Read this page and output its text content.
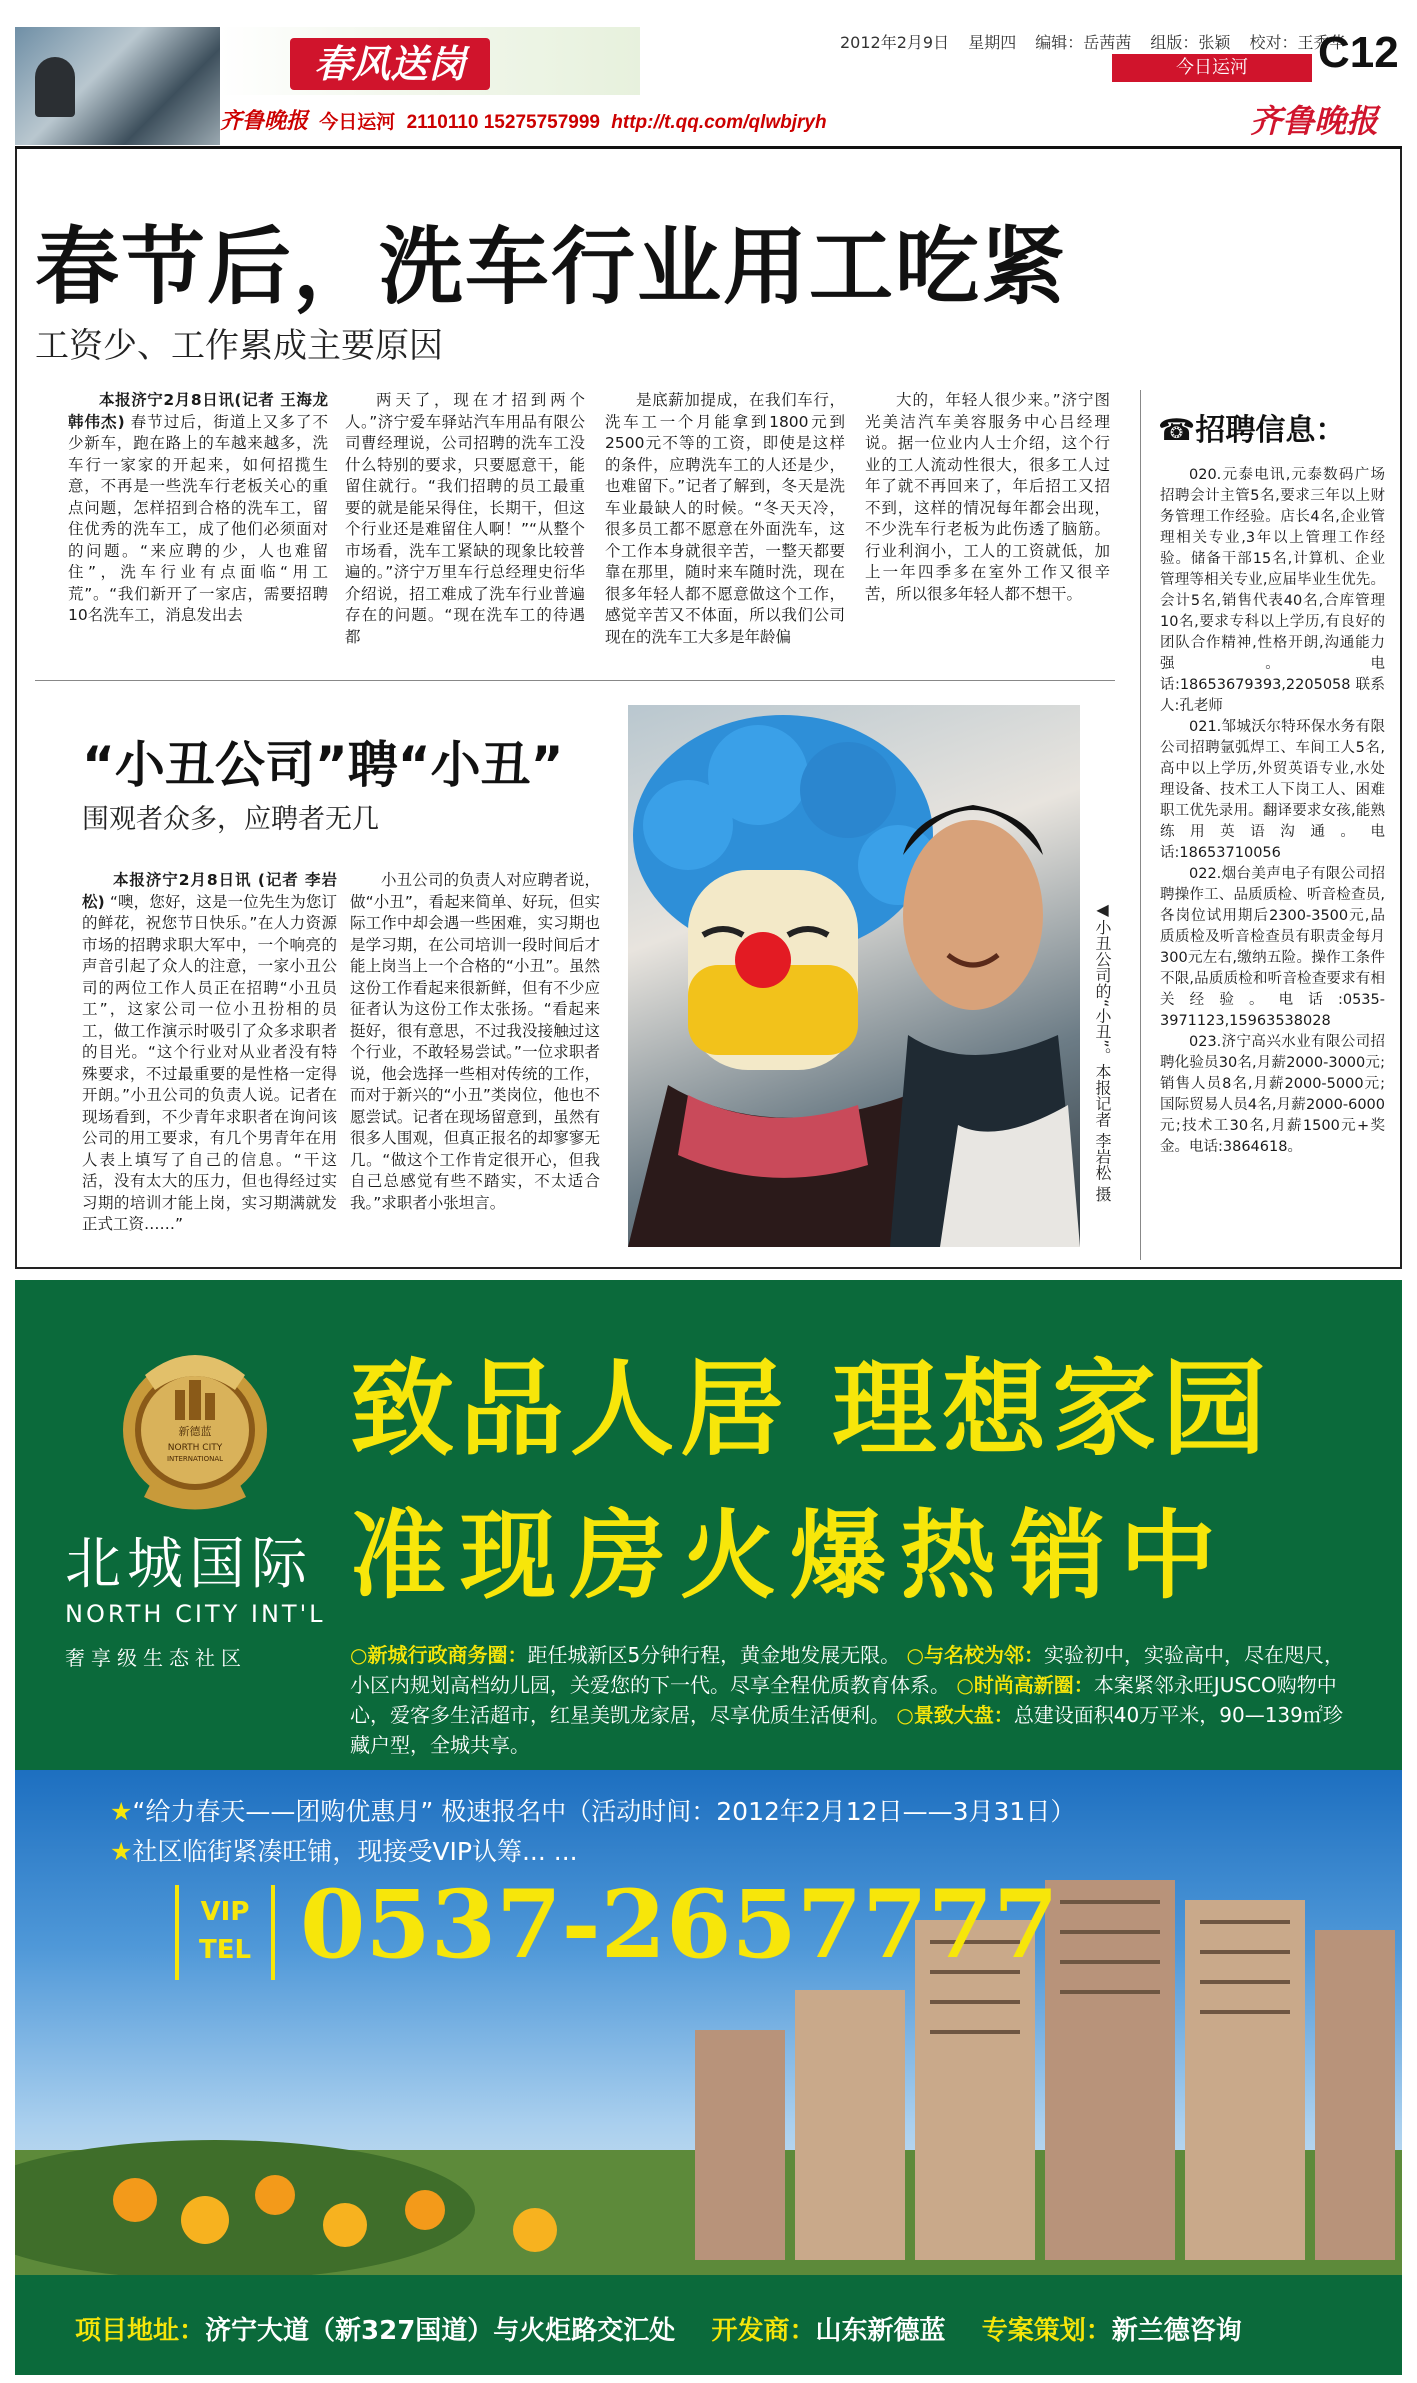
春风送岗
齐鲁晚报 今日运河 2110110 15275757999 http://t.qq.com/qlwbjryh
2012年2月9日 星期四 编辑：岳茜茜 组版：张颖 校对：王秀华
今日运河	C12
齐鲁晚报
春节后，洗车行业用工吃紧
工资少、工作累成主要原因

本报济宁2月8日讯(记者 王海龙 韩伟杰) 春节过后，街道上又多了不少新车，跑在路上的车越来越多，洗车行一家家的开起来，如何招揽生意，不再是一些洗车行老板关心的重点问题，怎样招到合格的洗车工，留住优秀的洗车工，成了他们必须面对的问题。“来应聘的少，人也难留住”，洗车行业有点面临“用工荒”。“我们新开了一家店，需要招聘10名洗车工，消息发出去

两天了，现在才招到两个人。”济宁爱车驿站汽车用品有限公司曹经理说，公司招聘的洗车工没什么特别的要求，只要愿意干，能留住就行。“我们招聘的员工最重要的就是能呆得住，长期干，但这个行业还是难留住人啊！”“从整个市场看，洗车工紧缺的现象比较普遍的。”济宁万里车行总经理史衍华介绍说，招工难成了洗车行业普遍存在的问题。“现在洗车工的待遇都

是底薪加提成，在我们车行，洗车工一个月能拿到1800元到2500元不等的工资，即使是这样的条件，应聘洗车工的人还是少，也难留下。”记者了解到，冬天是洗车业最缺人的时候。“冬天天冷，很多员工都不愿意在外面洗车，这个工作本身就很辛苦，一整天都要靠在那里，随时来车随时洗，现在很多年轻人都不愿意做这个工作，感觉辛苦又不体面，所以我们公司现在的洗车工大多是年龄偏

大的，年轻人很少来。”济宁图光美洁汽车美容服务中心吕经理说。据一位业内人士介绍，这个行业的工人流动性很大，很多工人过年了就不再回来了，年后招工又招不到，这样的情况每年都会出现，不少洗车行老板为此伤透了脑筋。行业利润小，工人的工资就低，加上一年四季多在室外工作又很辛苦，所以很多年轻人都不想干。

“小丑公司”聘“小丑”
围观者众多，应聘者无几

本报济宁2月8日讯 (记者 李岩松) “噢，您好，这是一位先生为您订的鲜花，祝您节日快乐。”在人力资源市场的招聘求职大军中，一个响亮的声音引起了众人的注意，一家小丑公司的两位工作人员正在招聘“小丑员工”，这家公司一位小丑扮相的员工，做工作演示时吸引了众多求职者的目光。“这个行业对从业者没有特殊要求，不过最重要的是性格一定得开朗。”小丑公司的负责人说。记者在现场看到，不少青年求职者在询问该公司的用工要求，有几个男青年在用人表上填写了自己的信息。“干这活，没有太大的压力，但也得经过实习期的培训才能上岗，实习期满就发正式工资……”

小丑公司的负责人对应聘者说，做“小丑”，看起来简单、好玩，但实际工作中却会遇一些困难，实习期也是学习期，在公司培训一段时间后才能上岗当上一个合格的“小丑”。虽然这份工作看起来很新鲜，但有不少应征者认为这份工作太张扬。“看起来挺好，很有意思，不过我没接触过这个行业，不敢轻易尝试。”一位求职者说，他会选择一些相对传统的工作，而对于新兴的“小丑”类岗位，他也不愿尝试。记者在现场留意到，虽然有很多人围观，但真正报名的却寥寥无几。“做这个工作肯定很开心，但我自己总感觉有些不踏实，不太适合我。”求职者小张坦言。

◀小丑公司的“小丑”。本报记者 李岩松 摄
☎招聘信息：

020.元泰电讯,元泰数码广场招聘会计主管5名,要求三年以上财务管理工作经验。店长4名,企业管理相关专业,3年以上管理工作经验。储备干部15名,计算机、企业管理等相关专业,应届毕业生优先。会计5名,销售代表40名,合库管理10名,要求专科以上学历,有良好的团队合作精神,性格开朗,沟通能力强。电话:18653679393,2205058 联系人:孔老师

021.邹城沃尔特环保水务有限公司招聘氩弧焊工、车间工人5名,高中以上学历,外贸英语专业,水处理设备、技术工人下岗工人、困难职工优先录用。翻译要求女孩,能熟练用英语沟通。电话:18653710056

022.烟台美声电子有限公司招聘操作工、品质质检、听音检查员,各岗位试用期后2300-3500元,品质质检及听音检查员有职责金每月300元左右,缴纳五险。操作工条件不限,品质质检和听音检查要求有相关经验。电话:0535-3971123,15963538028

023.济宁高兴水业有限公司招聘化验员30名,月薪2000-3000元;销售人员8名,月薪2000-5000元;国际贸易人员4名,月薪2000-6000元;技术工30名,月薪1500元+奖金。电话:3864618。

新德蓝
NORTH CITY
INTERNATIONAL
北城国际
NORTH CITY INT'L
奢享级生态社区
致品人居 理想家园
准现房火爆热销中
○新城行政商务圈：距任城新区5分钟行程，黄金地发展无限。 ○与名校为邻：实验初中，实验高中，尽在咫尺，小区内规划高档幼儿园，关爱您的下一代。尽享全程优质教育体系。 ○时尚高新圈：本案紧邻永旺JUSCO购物中心，爱客多生活超市，红星美凯龙家居，尽享优质生活便利。 ○景致大盘：总建设面积40万平米，90—139㎡珍藏户型，全城共享。
★“给力春天——团购优惠月” 极速报名中（活动时间：2012年2月12日——3月31日）
★社区临街紧凑旺铺，现接受VIP认筹... ...
VIP
TEL 0537-2657777
项目地址：济宁大道（新327国道）与火炬路交汇处 开发商：山东新德蓝 专案策划：新兰德咨询
